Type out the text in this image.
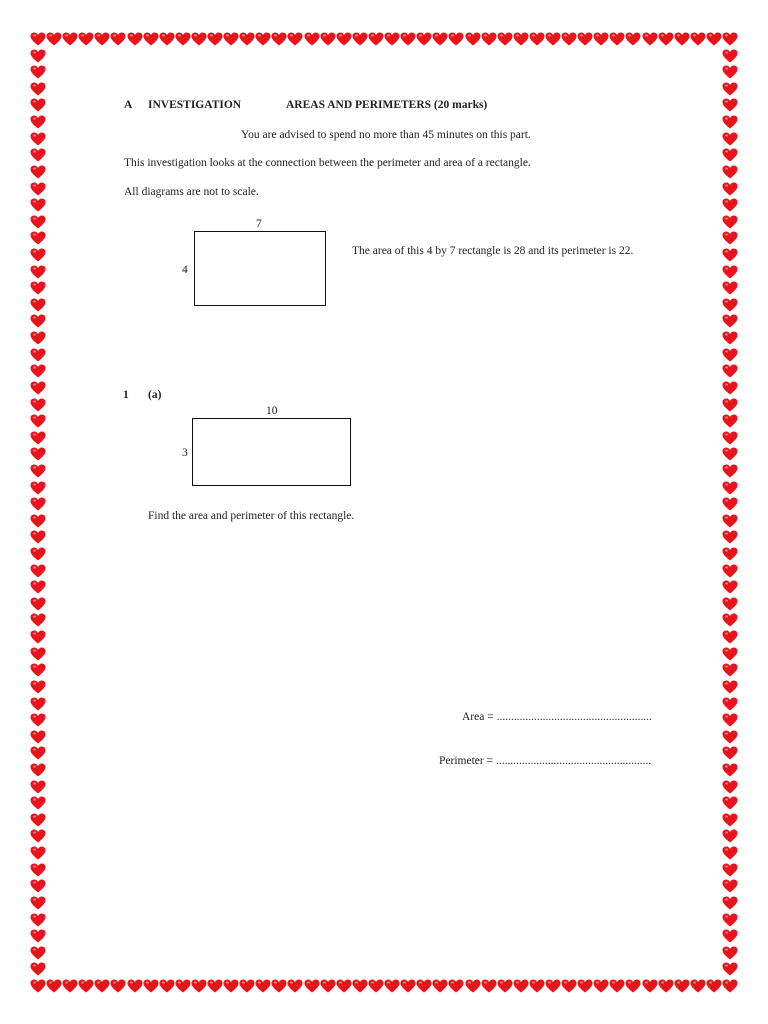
A INVESTIGATION	AREAS AND PERIMETERS (20 marks)
You are advised to spend no more than 45 minutes on this part.
This investigation looks at the connection between the perimeter and area of a rectangle.
All diagrams are not to scale.
7
4
The area of this 4 by 7 rectangle is 28 and its perimeter is 22.
1 (a)
10
3
Find the area and perimeter of this rectangle.
Area = ......................................................
Perimeter = ......................................................
